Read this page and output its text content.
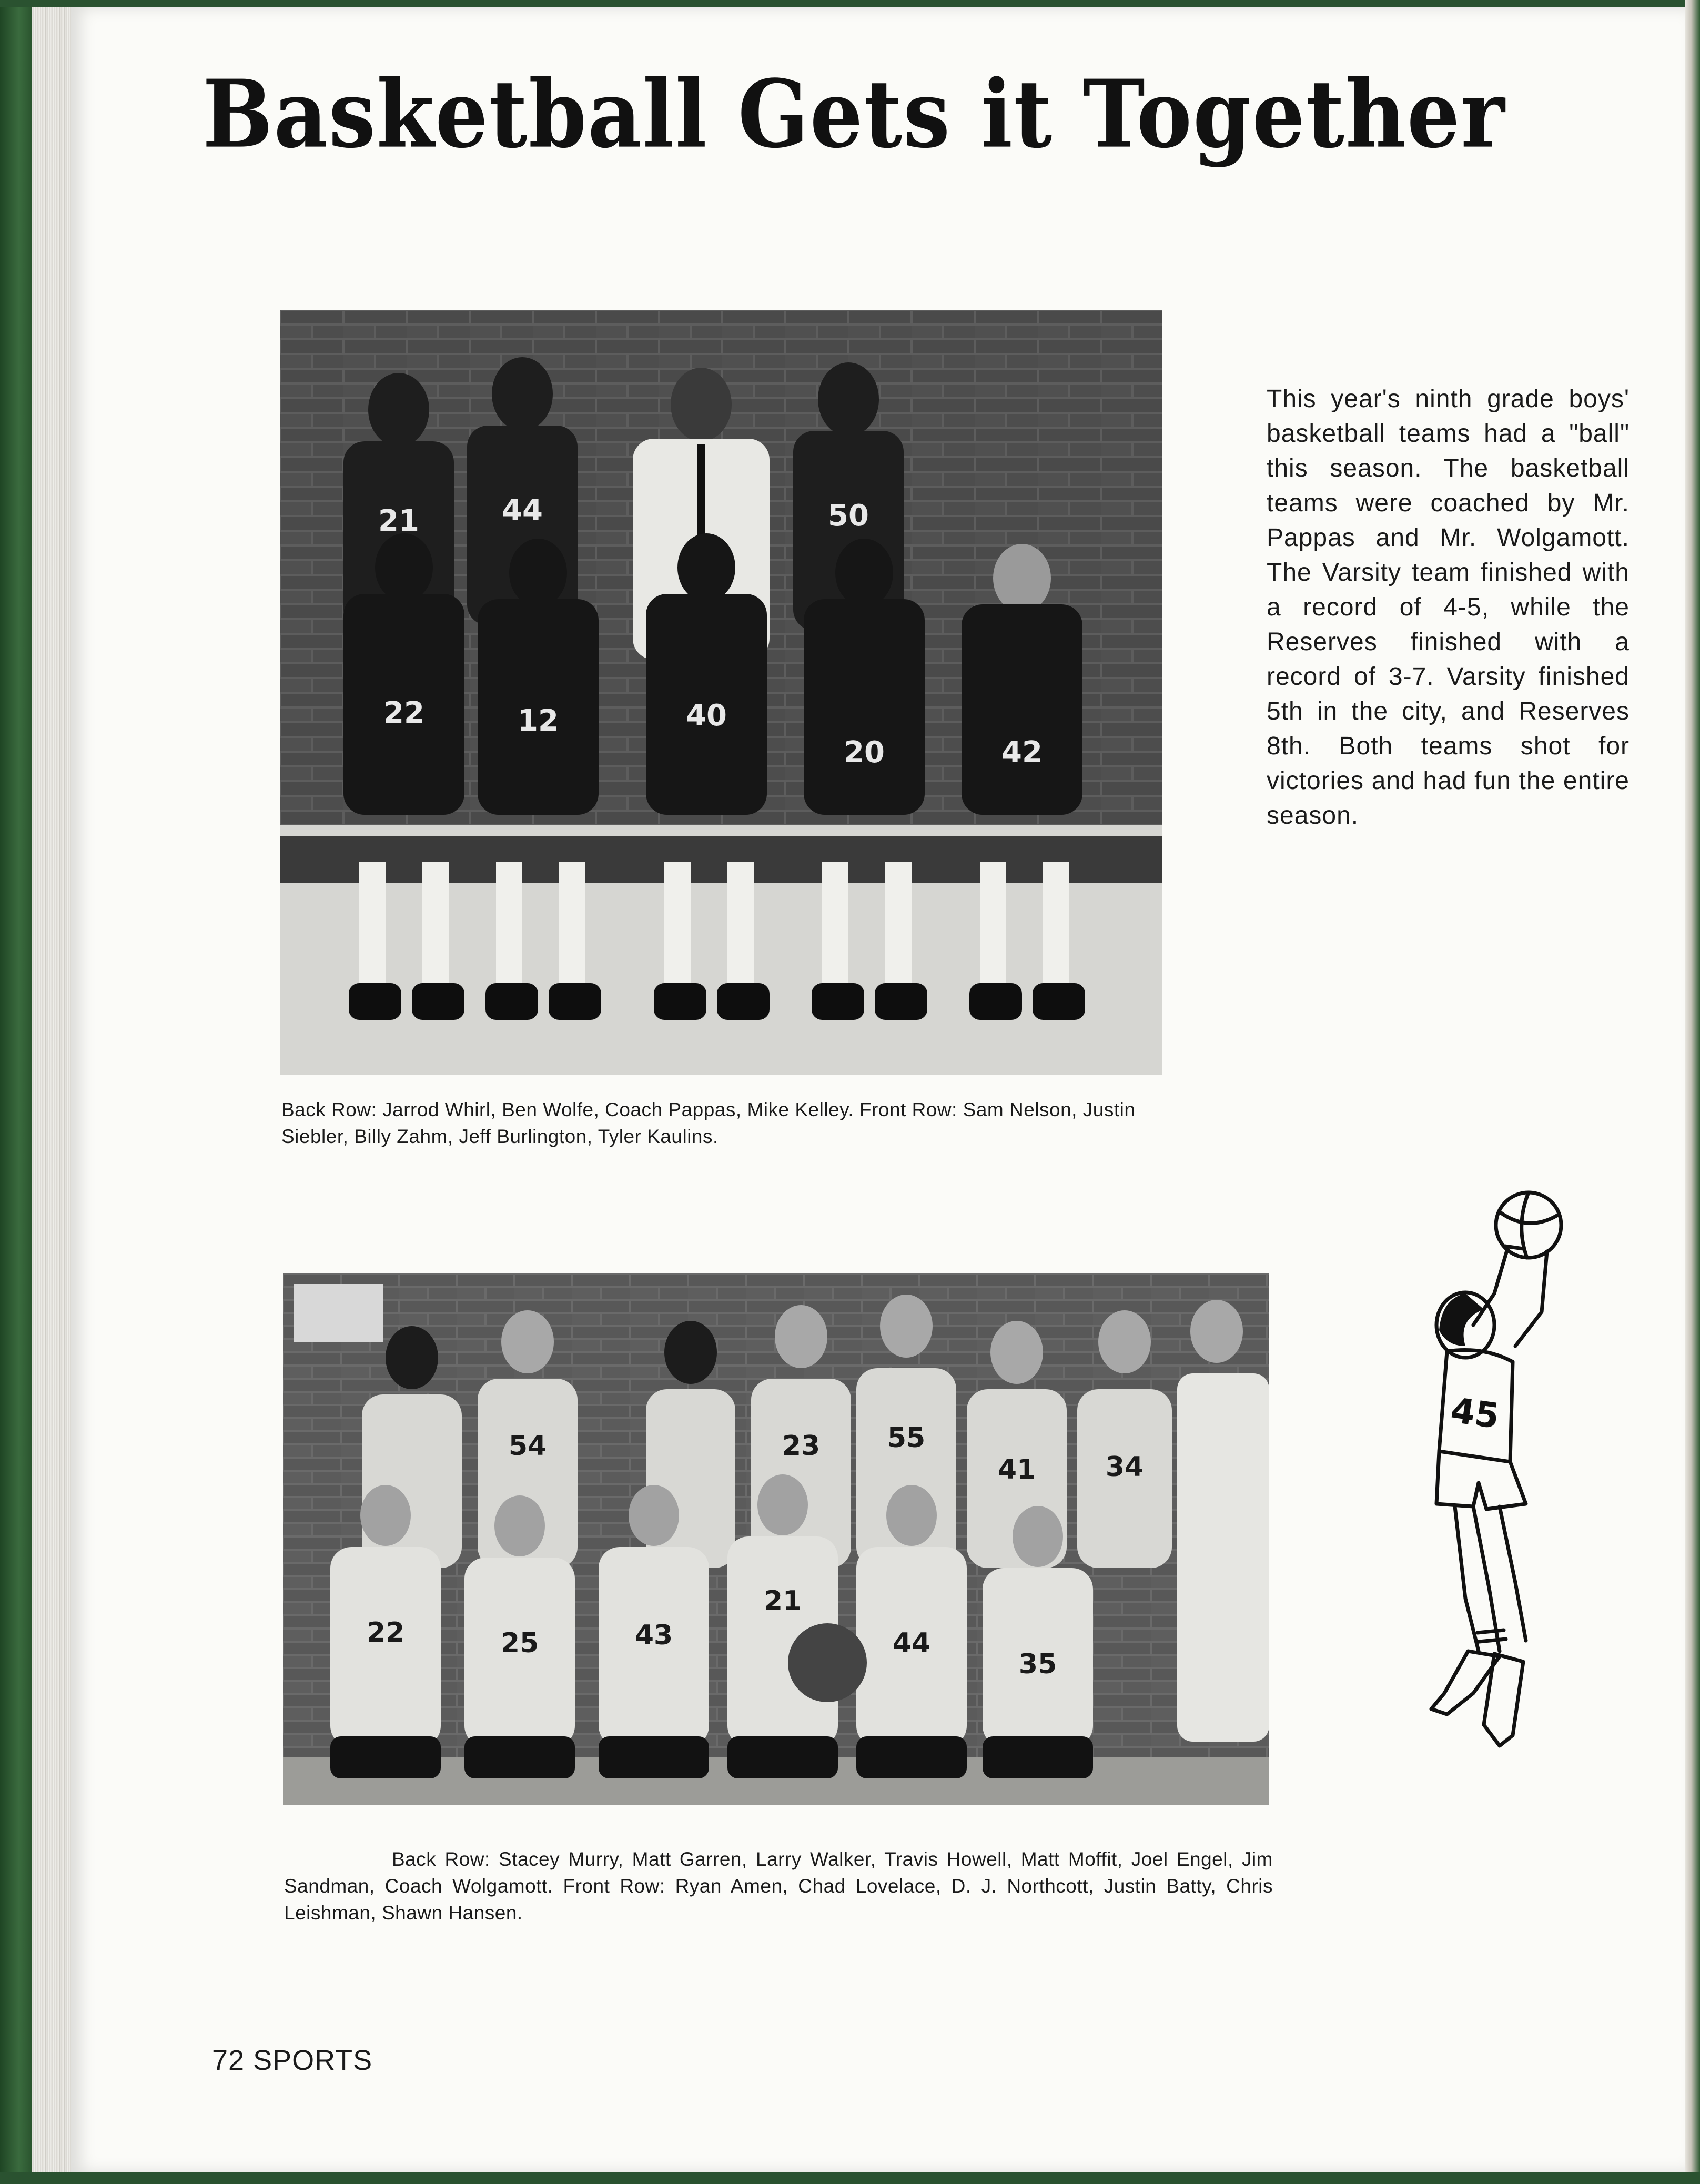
Basketball Gets it Together
21	44	50
22	12	40
20	42
This year's ninth grade boys' basketball teams had a "ball" this season. The basketball teams were coached by Mr. Pappas and Mr. Wolgamott. The Varsity team finished with a record of 4-5, while the Reserves finished with a record of 3-7. Varsity finished 5th in the city, and Reserves 8th. Both teams shot for victories and had fun the entire season.
Back Row: Jarrod Whirl, Ben Wolfe, Coach Pappas, Mike Kelley. Front Row: Sam Nelson, Justin Siebler, Billy Zahm, Jeff Burlington, Tyler Kaulins.
54	23 55
41	34
22	25	43
21
44
35
Back Row: Stacey Murry, Matt Garren, Larry Walker, Travis Howell, Matt Moffit, Joel Engel, Jim Sandman, Coach Wolgamott. Front Row: Ryan Amen, Chad Lovelace, D. J. Northcott, Justin Batty, Chris Leishman, Shawn Hansen.
45
72 SPORTS
